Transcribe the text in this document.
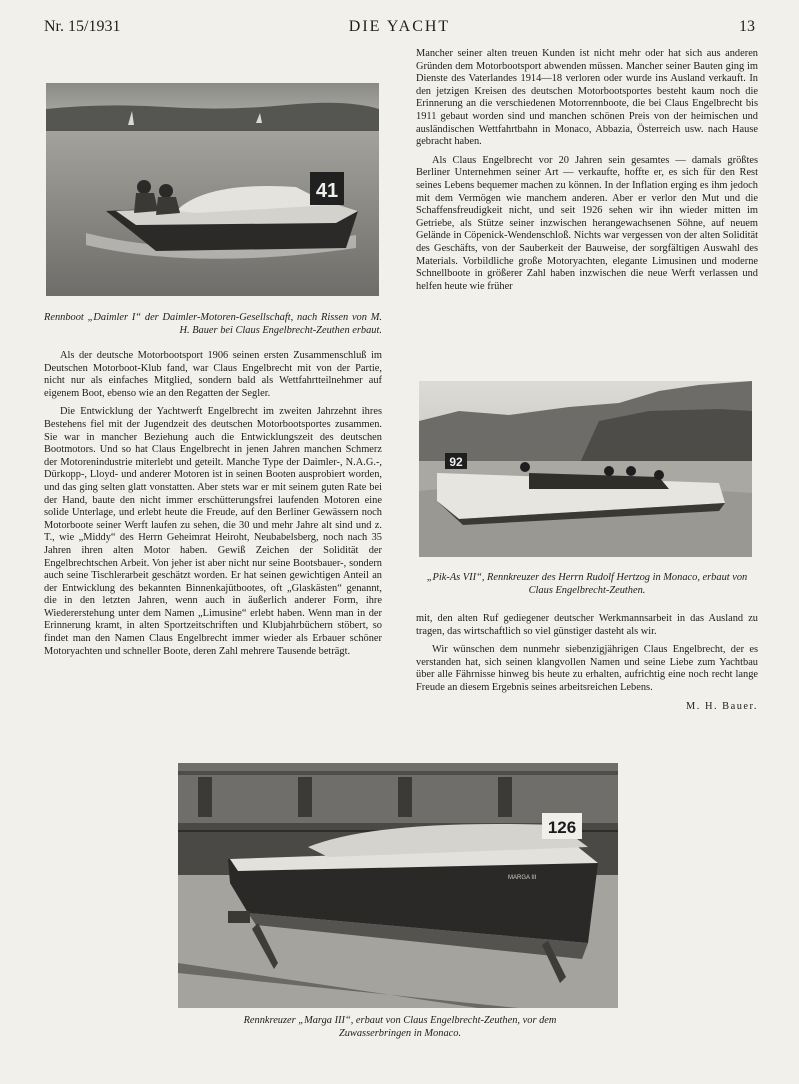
Nr. 15/1931	DIE YACHT	13
41
Rennboot „Daimler I“ der Daimler-Motoren-Gesellschaft, nach Rissen von M. H. Bauer bei Claus Engelbrecht-Zeuthen erbaut.

Als der deutsche Motorbootsport 1906 seinen ersten Zusammenschluß im Deutschen Motorboot-Klub fand, war Claus Engelbrecht mit von der Partie, nicht nur als einfaches Mitglied, sondern bald als Wettfahrtteilnehmer auf eigenem Boot, ebenso wie an den Regatten der Segler.

Die Entwicklung der Yachtwerft Engelbrecht im zweiten Jahrzehnt ihres Bestehens fiel mit der Jugendzeit des deutschen Motorbootsportes zusammen. Sie war in mancher Beziehung auch die Entwicklungszeit des deutschen Bootmotors. Und so hat Claus Engelbrecht in jenen Jahren manchen Schmerz der Motorenindustrie miterlebt und geteilt. Manche Type der Daimler-, N.A.G.-, Dürkopp-, Lloyd- und anderer Motoren ist in seinen Booten ausprobiert worden, und das ging selten glatt vonstatten. Aber stets war er mit seinem guten Rate bei der Hand, baute den nicht immer erschütterungsfrei laufenden Motoren eine solide Unterlage, und erlebt heute die Freude, auf den Berliner Gewässern noch Motorboote seiner Werft laufen zu sehen, die 30 und mehr Jahre alt sind und z. T., wie „Middy“ des Herrn Geheimrat Heiroht, Neubabelsberg, noch nach 35 Jahren ihren alten Motor haben. Gewiß Zeichen der Solidität der Engelbrechtschen Arbeit. Von jeher ist aber nicht nur seine Bootsbauer-, sondern auch seine Tischlerarbeit geschätzt worden. Er hat seinen gewichtigen Anteil an der Entwicklung des bekannten Binnenkajütbootes, oft „Glaskästen“ genannt, die in den letzten Jahren, wenn auch in äußerlich anderer Form, ihre Wiedererstehung unter dem Namen „Limusine“ erlebt haben. Wenn man in der Erinnerung kramt, in alten Sportzeitschriften und Klubjahrbüchern stöbert, so findet man den Namen Claus Engelbrecht immer wieder als Erbauer schöner Motoryachten und schneller Boote, deren Zahl mehrere Tausende beträgt.

Mancher seiner alten treuen Kunden ist nicht mehr oder hat sich aus anderen Gründen dem Motorbootsport abwenden müssen. Mancher seiner Bauten ging im Dienste des Vaterlandes 1914—18 verloren oder wurde ins Ausland verkauft. In den jetzigen Kreisen des deutschen Motorbootsportes besteht kaum noch die Erinnerung an die verschiedenen Motorrennboote, die bei Claus Engelbrecht bis 1911 gebaut worden sind und manchen schönen Preis von der heimischen und ausländischen Wettfahrtbahn in Monaco, Abbazia, Österreich usw. nach Hause gebracht haben.

Als Claus Engelbrecht vor 20 Jahren sein gesamtes — damals größtes Berliner Unternehmen seiner Art — verkaufte, hoffte er, es sich für den Rest seines Lebens bequemer machen zu können. In der Inflation erging es ihm jedoch mit dem Vermögen wie manchem anderen. Aber er verlor den Mut und die Schaffensfreudigkeit nicht, und seit 1926 sehen wir ihn wieder mitten im Getriebe, als Stütze seiner inzwischen herangewachsenen Söhne, auf neuem Gelände in Cöpenick-Wendenschloß. Nichts war vergessen von der alten Solidität des Geschäfts, von der Sauberkeit der Bauweise, der sorgfältigen Auswahl des Materials. Vorbildliche große Motoryachten, elegante Limusinen und moderne Schnellboote in größerer Zahl haben inzwischen die neue Werft verlassen und helfen heute wie früher

92
„Pik-As VII“, Rennkreuzer des Herrn Rudolf Hertzog in Monaco, erbaut von Claus Engelbrecht-Zeuthen.

mit, den alten Ruf gediegener deutscher Werkmannsarbeit in das Ausland zu tragen, das wirtschaftlich so viel günstiger dasteht als wir.

Wir wünschen dem nunmehr siebenzigjährigen Claus Engelbrecht, der es verstanden hat, sich seinen klangvollen Namen und seine Liebe zum Yachtbau über alle Fährnisse hinweg bis heute zu erhalten, aufrichtig eine noch recht lange Freude an diesem Ergebnis seines arbeitsreichen Lebens.

M. H. Bauer.
126
MARGA III
Rennkreuzer „Marga III“, erbaut von Claus Engelbrecht-Zeuthen, vor dem
Zuwasserbringen in Monaco.
